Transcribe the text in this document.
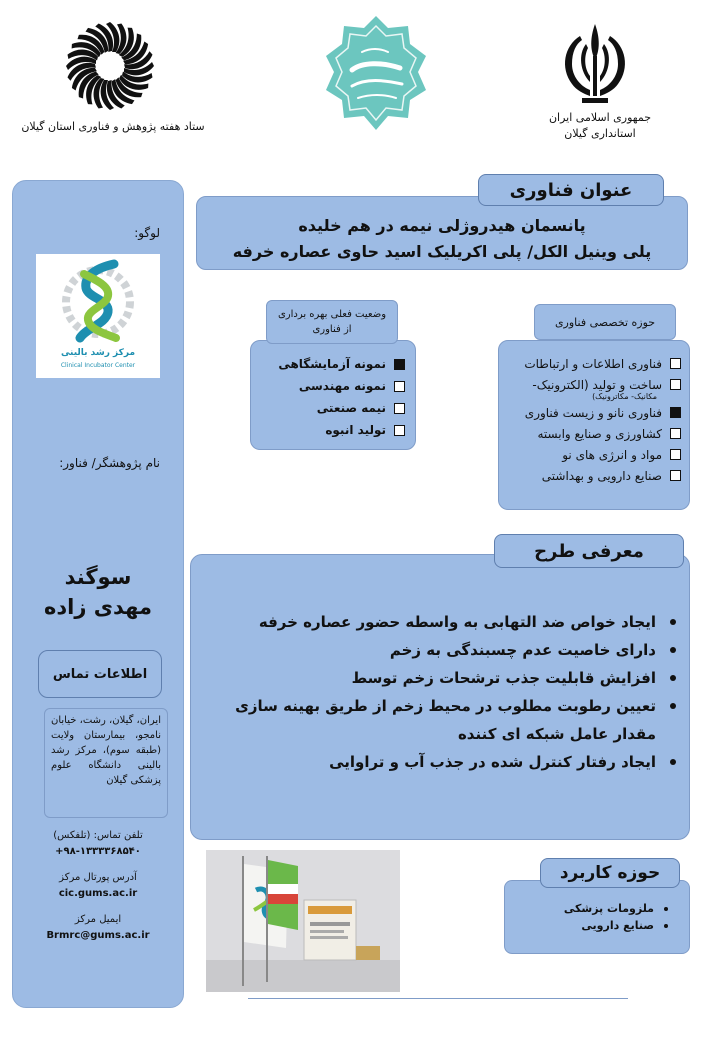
ستاد هفته پژوهش و فناوری استان گیلان
جمهوری اسلامی ایران
استانداری گیلان
لوگو:
مرکز رشد بالینی
Clinical Incubator Center
نام پژوهشگر/ فناور:
سوگند
مهدی زاده
اطلاعات تماس
ایران، گیلان، رشت، خیابان نامجو، بیمارستان ولایت (طبقه سوم)، مرکز رشد بالینی دانشگاه علوم پزشکی گیلان
تلفن تماس: (تلفکس)
+۹۸-۱۳۳۳۳۶۸۵۴۰
آدرس پورتال مرکز
cic.gums.ac.ir
ایمیل مرکز
Brmrc@gums.ac.ir
پانسمان هیدروژلی نیمه در هم خلیده
پلی وینیل الکل/ پلی اکریلیک اسید حاوی عصاره خرفه
عنوان فناوری
نمونه آزمایشگاهی
نمونه مهندسی
نیمه صنعتی
تولید انبوه
وضعیت فعلی بهره برداری
از فناوری
فناوری اطلاعات و ارتباطات
ساخت و تولید (الکترونیک-
مکانیک- مکاترونیک)
فناوری نانو و زیست فناوری
کشاورزی و صنایع وابسته
مواد و انرژی های نو
صنایع دارویی و بهداشتی
حوزه تخصصی فناوری
معرفی طرح
ایجاد خواص ضد التهابی به واسطه حضور عصاره خرفه
دارای خاصیت عدم چسبندگی به زخم
افزایش قابلیت جذب ترشحات زخم توسط
تعیین رطوبت مطلوب در محیط زخم از طریق بهینه سازی مقدار عامل شبکه ای کننده
ایجاد رفتار کنترل شده در جذب آب و تراوایی
حوزه کاربرد
ملزومات پزشکی
صنایع دارویی
